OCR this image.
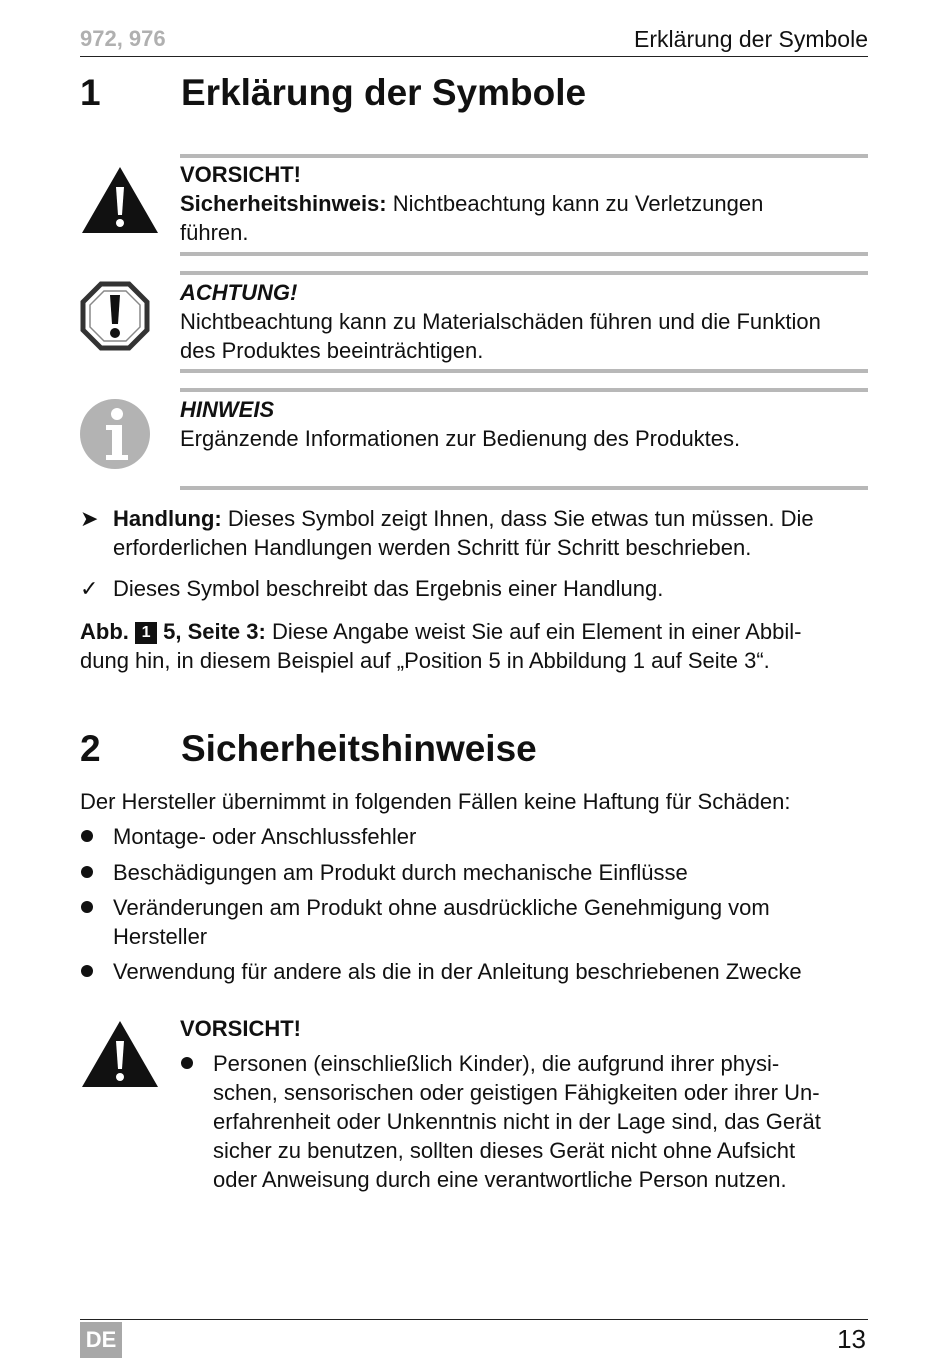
972, 976	Erklärung der Symbole
1 Erklärung der Symbole
VORSICHT!
Sicherheitshinweis: Nichtbeachtung kann zu Verletzungen
führen.
ACHTUNG!
Nichtbeachtung kann zu Materialschäden führen und die Funktion
des Produktes beeinträchtigen.
HINWEIS
Ergänzende Informationen zur Bedienung des Produktes.
➤ Handlung: Dieses Symbol zeigt Ihnen, dass Sie etwas tun müssen. Die
erforderlichen Handlungen werden Schritt für Schritt beschrieben.
✓ Dieses Symbol beschreibt das Ergebnis einer Handlung.
Abb. 1 5, Seite 3: Diese Angabe weist Sie auf ein Element in einer Abbil-
dung hin, in diesem Beispiel auf „Position 5 in Abbildung 1 auf Seite 3“.
2 Sicherheitshinweise
Der Hersteller übernimmt in folgenden Fällen keine Haftung für Schäden:
Montage- oder Anschlussfehler
Beschädigungen am Produkt durch mechanische Einflüsse
Veränderungen am Produkt ohne ausdrückliche Genehmigung vom
Hersteller
Verwendung für andere als die in der Anleitung beschriebenen Zwecke
VORSICHT!
Personen (einschließlich Kinder), die aufgrund ihrer physi-
schen, sensorischen oder geistigen Fähigkeiten oder ihrer Un-
erfahrenheit oder Unkenntnis nicht in der Lage sind, das Gerät
sicher zu benutzen, sollten dieses Gerät nicht ohne Aufsicht
oder Anweisung durch eine verantwortliche Person nutzen.
DE	13
